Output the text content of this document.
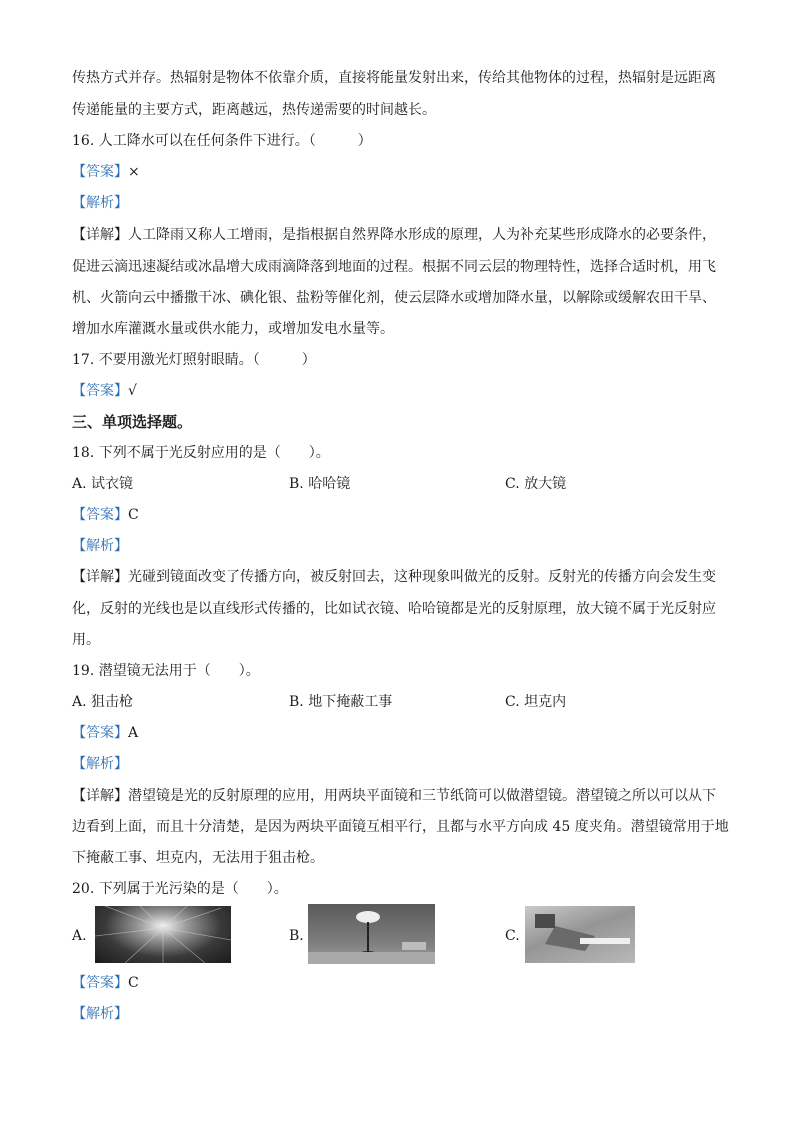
传热方式并存。热辐射是物体不依靠介质，直接将能量发射出来，传给其他物体的过程，热辐射是远距离
传递能量的主要方式，距离越远，热传递需要的时间越长。
16. 人工降水可以在任何条件下进行。（　　　）
【答案】×
【解析】
【详解】人工降雨又称人工增雨，是指根据自然界降水形成的原理，人为补充某些形成降水的必要条件，
促进云滴迅速凝结或冰晶增大成雨滴降落到地面的过程。根据不同云层的物理特性，选择合适时机，用飞
机、火箭向云中播撒干冰、碘化银、盐粉等催化剂，使云层降水或增加降水量，以解除或缓解农田干旱、
增加水库灌溉水量或供水能力，或增加发电水量等。
17. 不要用激光灯照射眼睛。（　　　）
【答案】√
三、单项选择题。
18. 下列不属于光反射应用的是（　　）。
A. 试衣镜	B. 哈哈镜	C. 放大镜
【答案】C
【解析】
【详解】光碰到镜面改变了传播方向，被反射回去，这种现象叫做光的反射。反射光的传播方向会发生变
化，反射的光线也是以直线形式传播的，比如试衣镜、哈哈镜都是光的反射原理，放大镜不属于光反射应
用。
19. 潜望镜无法用于（　　）。
A. 狙击枪	B. 地下掩蔽工事	C. 坦克内
【答案】A
【解析】
【详解】潜望镜是光的反射原理的应用，用两块平面镜和三节纸筒可以做潜望镜。潜望镜之所以可以从下
边看到上面，而且十分清楚，是因为两块平面镜互相平行，且都与水平方向成 45 度夹角。潜望镜常用于地
下掩蔽工事、坦克内，无法用于狙击枪。
20. 下列属于光污染的是（　　）。
A.	B.	C.
【答案】C
【解析】
